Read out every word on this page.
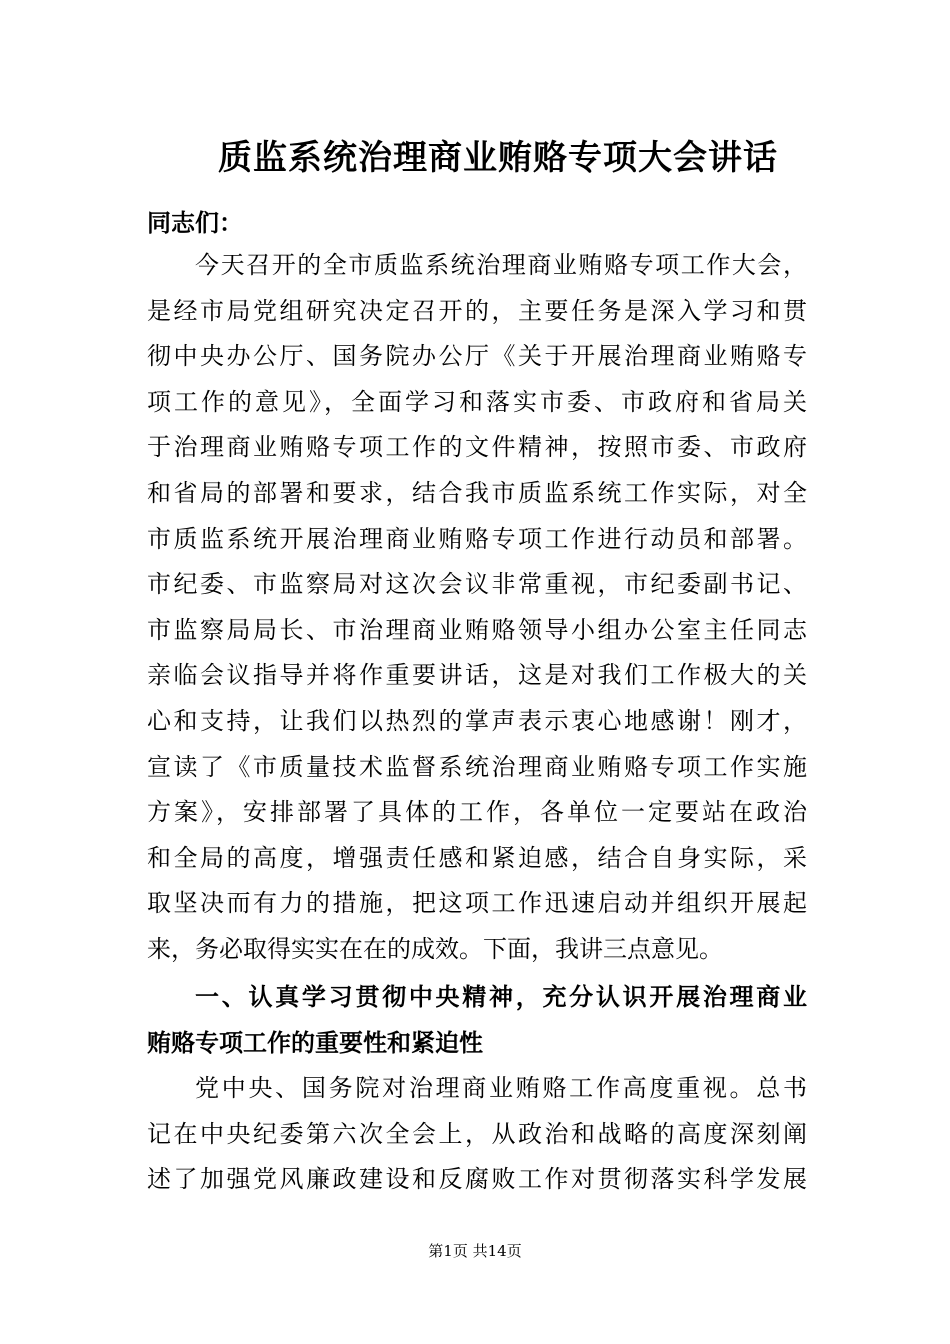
质监系统治理商业贿赂专项大会讲话
同志们：
今天召开的全市质监系统治理商业贿赂专项工作大会，
是经市局党组研究决定召开的，主要任务是深入学习和贯
彻中央办公厅、国务院办公厅《关于开展治理商业贿赂专
项工作的意见》，全面学习和落实市委、市政府和省局关
于治理商业贿赂专项工作的文件精神，按照市委、市政府
和省局的部署和要求，结合我市质监系统工作实际，对全
市质监系统开展治理商业贿赂专项工作进行动员和部署。
市纪委、市监察局对这次会议非常重视，市纪委副书记、
市监察局局长、市治理商业贿赂领导小组办公室主任同志
亲临会议指导并将作重要讲话，这是对我们工作极大的关
心和支持，让我们以热烈的掌声表示衷心地感谢！刚才，
宣读了《市质量技术监督系统治理商业贿赂专项工作实施
方案》，安排部署了具体的工作，各单位一定要站在政治
和全局的高度，增强责任感和紧迫感，结合自身实际，采
取坚决而有力的措施，把这项工作迅速启动并组织开展起
来，务必取得实实在在的成效。下面，我讲三点意见。
一、认真学习贯彻中央精神，充分认识开展治理商业
贿赂专项工作的重要性和紧迫性
党中央、国务院对治理商业贿赂工作高度重视。总书
记在中央纪委第六次全会上，从政治和战略的高度深刻阐
述了加强党风廉政建设和反腐败工作对贯彻落实科学发展
第1页 共14页
